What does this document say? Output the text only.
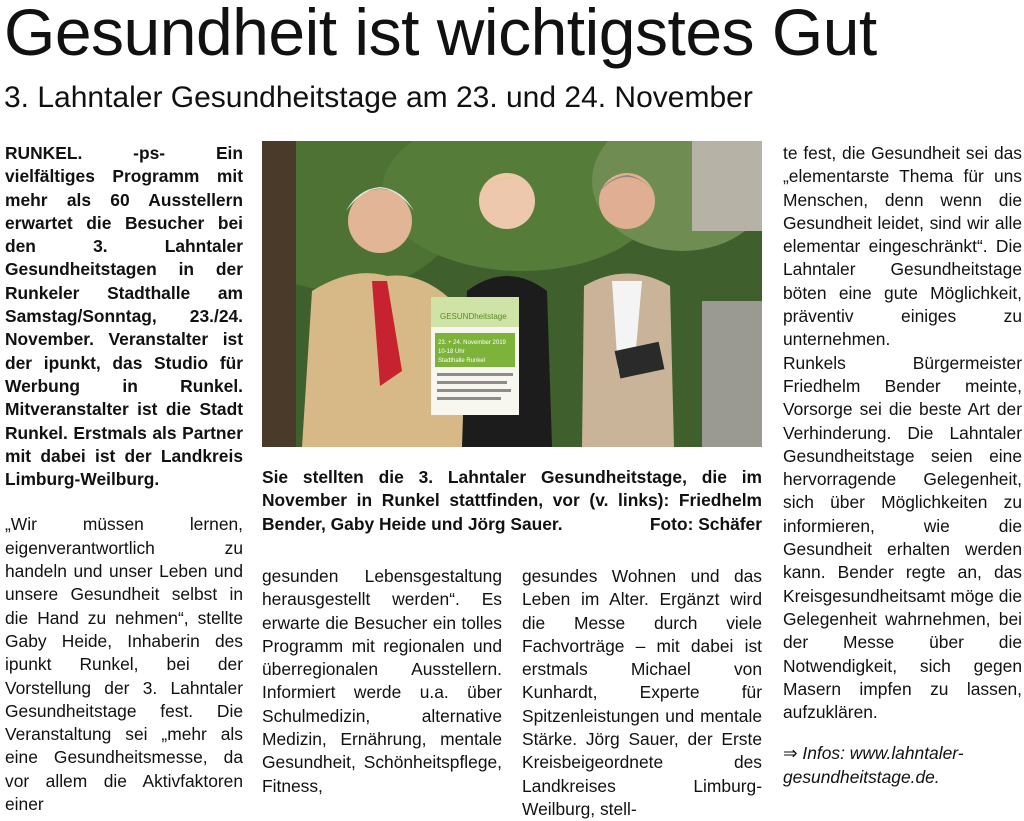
Gesundheit ist wichtigstes Gut
3. Lahntaler Gesundheitstage am 23. und 24. November

RUNKEL. -ps- Ein vielfältiges Programm mit mehr als 60 Ausstellern erwartet die Besucher bei den 3. Lahntaler Gesundheitstagen in der Runkeler Stadthalle am Samstag/Sonntag, 23./24. November. Veranstalter ist der ipunkt, das Studio für Werbung in Runkel. Mitveranstalter ist die Stadt Runkel. Erstmals als Partner mit dabei ist der Landkreis Limburg-Weilburg.

„Wir müssen lernen, eigenverantwortlich zu handeln und unser Leben und unsere Gesundheit selbst in die Hand zu nehmen“, stellte Gaby Heide, Inhaberin des ipunkt Runkel, bei der Vorstellung der 3. Lahntaler Gesundheitstage fest. Die Veranstaltung sei „mehr als eine Gesundheitsmesse, da vor allem die Aktivfaktoren einer

GESUNDheitstage
23. + 24. November 2019
10-18 Uhr
Stadthalle Runkel
Sie stellten die 3. Lahntaler Gesundheitstage, die im November in Runkel stattfinden, vor (v. links): Friedhelm Bender, Gaby Heide und Jörg Sauer.	Foto: Schäfer

gesunden Lebensgestaltung herausgestellt werden“. Es erwarte die Besucher ein tolles Programm mit regionalen und überregionalen Ausstellern. Informiert werde u.a. über Schulmedizin, alternative Medizin, Ernährung, mentale Gesundheit, Schönheitspflege, Fitness,

gesundes Wohnen und das Leben im Alter. Ergänzt wird die Messe durch viele Fachvorträge – mit dabei ist erstmals Michael von Kunhardt, Experte für Spitzenleistungen und mentale Stärke. Jörg Sauer, der Erste Kreisbeigeordnete des Landkreises Limburg-Weilburg, stell-

te fest, die Gesundheit sei das „elementarste Thema für uns Menschen, denn wenn die Gesundheit leidet, sind wir alle elementar eingeschränkt“. Die Lahntaler Gesundheitstage böten eine gute Möglichkeit, präventiv einiges zu unternehmen.

Runkels Bürgermeister Friedhelm Bender meinte, Vorsorge sei die beste Art der Verhinderung. Die Lahntaler Gesundheitstage seien eine hervorragende Gelegenheit, sich über Möglichkeiten zu informieren, wie die Gesundheit erhalten werden kann. Bender regte an, das Kreisgesundheitsamt möge die Gelegenheit wahrnehmen, bei der Messe über die Notwendigkeit, sich gegen Masern impfen zu lassen, aufzuklären.

⇒ Infos: www.lahntaler-gesundheitstage.de.
